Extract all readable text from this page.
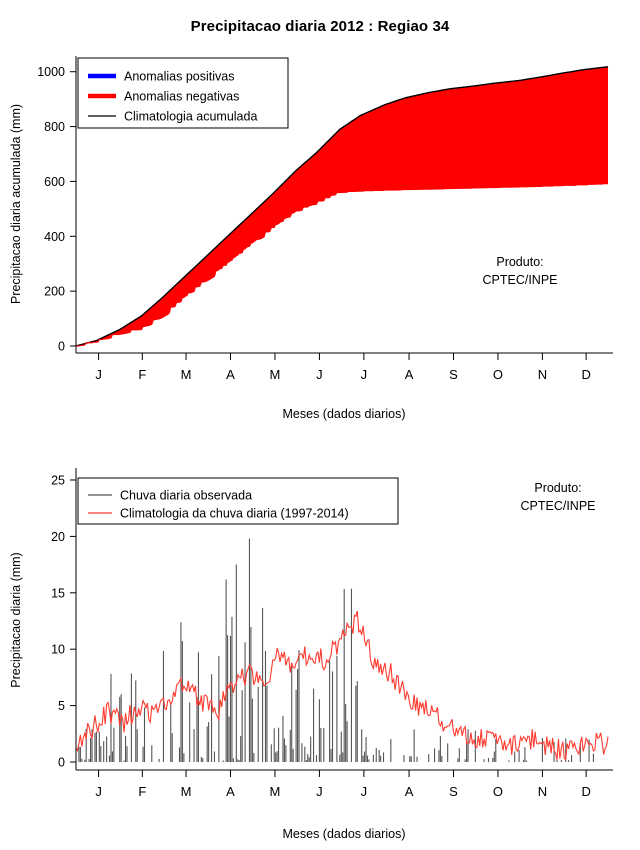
Precipitacao diaria 2012 : Regiao 34
0
200
400
600
800
1000
J	F	M	A	M	J	J	A	S	O	N	D
Precipitacao diaria acumulada (mm)
Meses (dados diarios)
Anomalias positivas
Anomalias negativas
Climatologia acumulada
Produto:
CPTEC/INPE
0
5
10
15
20
25
J	F	M	A	M	J	J	A	S	O	N	D
Precipitacao diaria (mm)
Meses (dados diarios)
Chuva diaria observada
Climatologia da chuva diaria (1997-2014)
Produto:
CPTEC/INPE
